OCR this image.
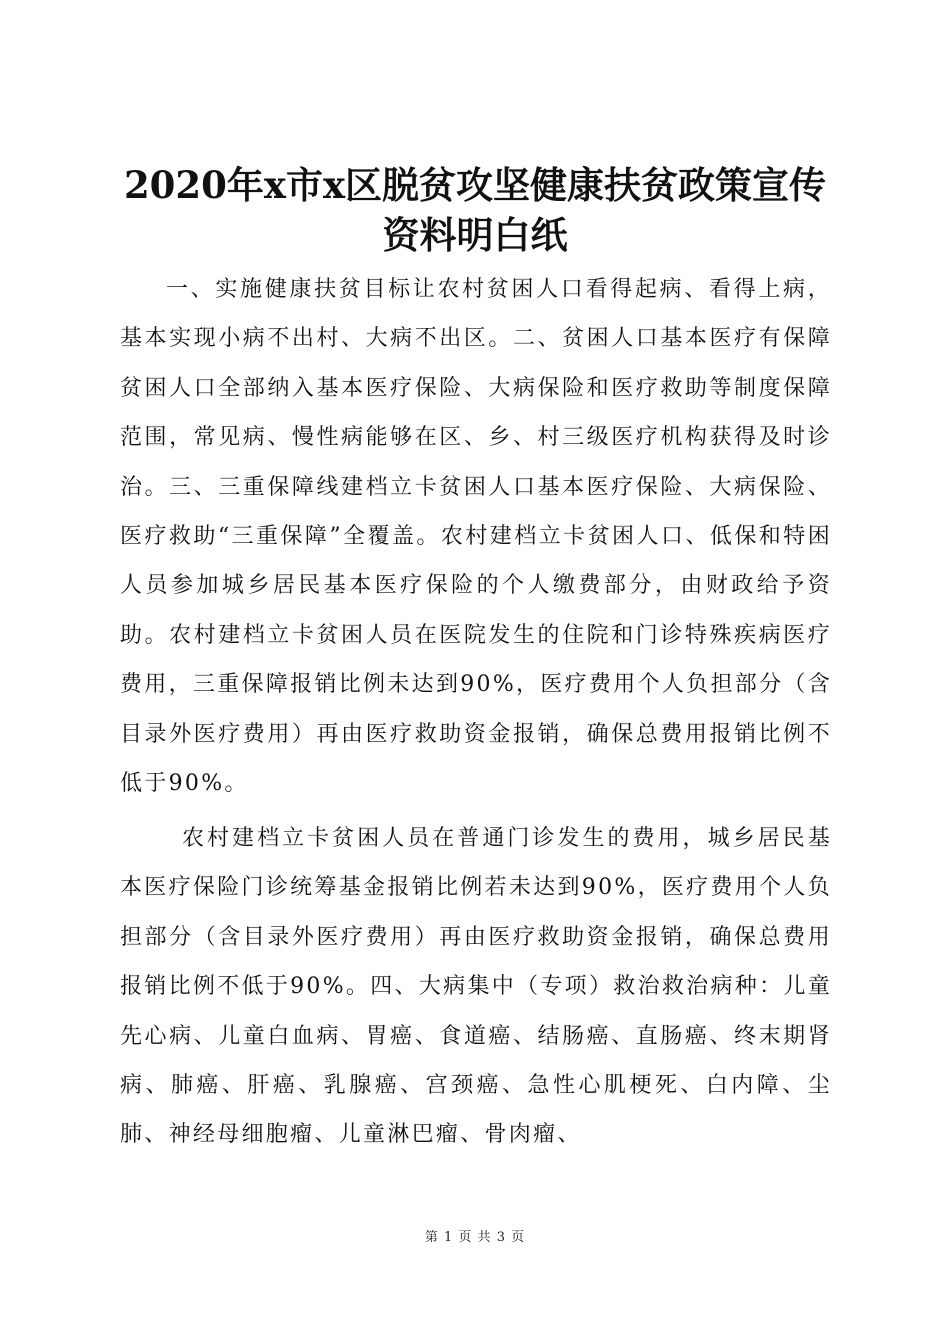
2020年x市x区脱贫攻坚健康扶贫政策宣传资料明白纸

一、实施健康扶贫目标让农村贫困人口看得起病、看得上病，基本实现小病不出村、大病不出区。二、贫困人口基本医疗有保障贫困人口全部纳入基本医疗保险、大病保险和医疗救助等制度保障范围，常见病、慢性病能够在区、乡、村三级医疗机构获得及时诊治。三、三重保障线建档立卡贫困人口基本医疗保险、大病保险、医疗救助“三重保障”全覆盖。农村建档立卡贫困人口、低保和特困人员参加城乡居民基本医疗保险的个人缴费部分，由财政给予资助。农村建档立卡贫困人员在医院发生的住院和门诊特殊疾病医疗费用，三重保障报销比例未达到90%，医疗费用个人负担部分（含目录外医疗费用）再由医疗救助资金报销，确保总费用报销比例不低于90%。

农村建档立卡贫困人员在普通门诊发生的费用，城乡居民基本医疗保险门诊统筹基金报销比例若未达到90%，医疗费用个人负担部分（含目录外医疗费用）再由医疗救助资金报销，确保总费用报销比例不低于90%。四、大病集中（专项）救治救治病种：儿童先心病、儿童白血病、胃癌、食道癌、结肠癌、直肠癌、终末期肾病、肺癌、肝癌、乳腺癌、宫颈癌、急性心肌梗死、白内障、尘肺、神经母细胞瘤、儿童淋巴瘤、骨肉瘤、

第 1 页 共 3 页
